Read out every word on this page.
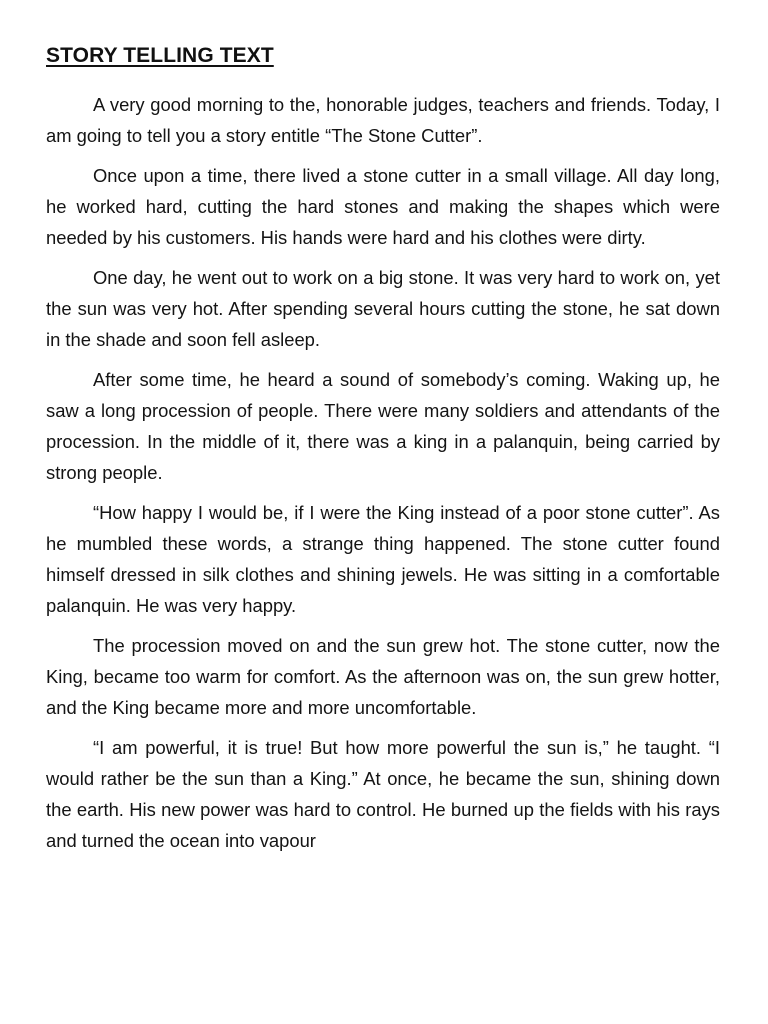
STORY TELLING TEXT

A very good morning to the, honorable judges, teachers and friends. Today, I am going to tell you a story entitle “The Stone Cutter”.

Once upon a time, there lived a stone cutter in a small village. All day long, he worked hard, cutting the hard stones and making the shapes which were needed by his customers. His hands were hard and his clothes were dirty.

One day, he went out to work on a big stone. It was very hard to work on, yet the sun was very hot. After spending several hours cutting the stone, he sat down in the shade and soon fell asleep.

After some time, he heard a sound of somebody’s coming. Waking up, he saw a long procession of people. There were many soldiers and attendants of the procession. In the middle of it, there was a king in a palanquin, being carried by strong people.

“How happy I would be, if I were the King instead of a poor stone cutter”. As he mumbled these words, a strange thing happened. The stone cutter found himself dressed in silk clothes and shining jewels. He was sitting in a comfortable palanquin. He was very happy.

The procession moved on and the sun grew hot. The stone cutter, now the King, became too warm for comfort. As the afternoon was on, the sun grew hotter, and the King became more and more uncomfortable.

“I am powerful, it is true! But how more powerful the sun is,” he taught. “I would rather be the sun than a King.” At once, he became the sun, shining down the earth. His new power was hard to control. He burned up the fields with his rays and turned the ocean into vapour
